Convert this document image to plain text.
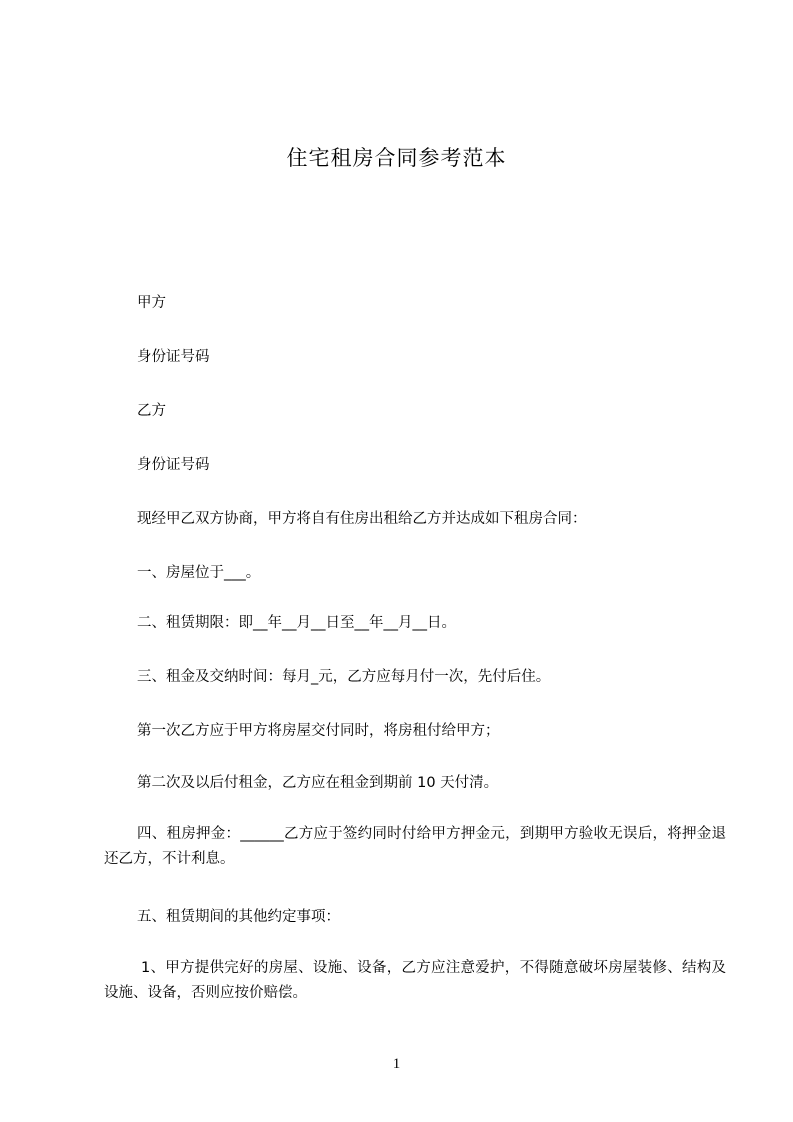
住宅租房合同参考范本
甲方
身份证号码
乙方
身份证号码
现经甲乙双方协商，甲方将自有住房出租给乙方并达成如下租房合同：
一、房屋位于___。
二、租赁期限：即__年__月__日至__年__月__日。
三、租金及交纳时间：每月_元，乙方应每月付一次，先付后住。
第一次乙方应于甲方将房屋交付同时，将房租付给甲方；
第二次及以后付租金，乙方应在租金到期前 10 天付清。
四、租房押金：______乙方应于签约同时付给甲方押金元，到期甲方验收无误后，将押金退还乙方，不计利息。
五、租赁期间的其他约定事项：
1、甲方提供完好的房屋、设施、设备，乙方应注意爱护，不得随意破坏房屋装修、结构及设施、设备，否则应按价赔偿。
1
